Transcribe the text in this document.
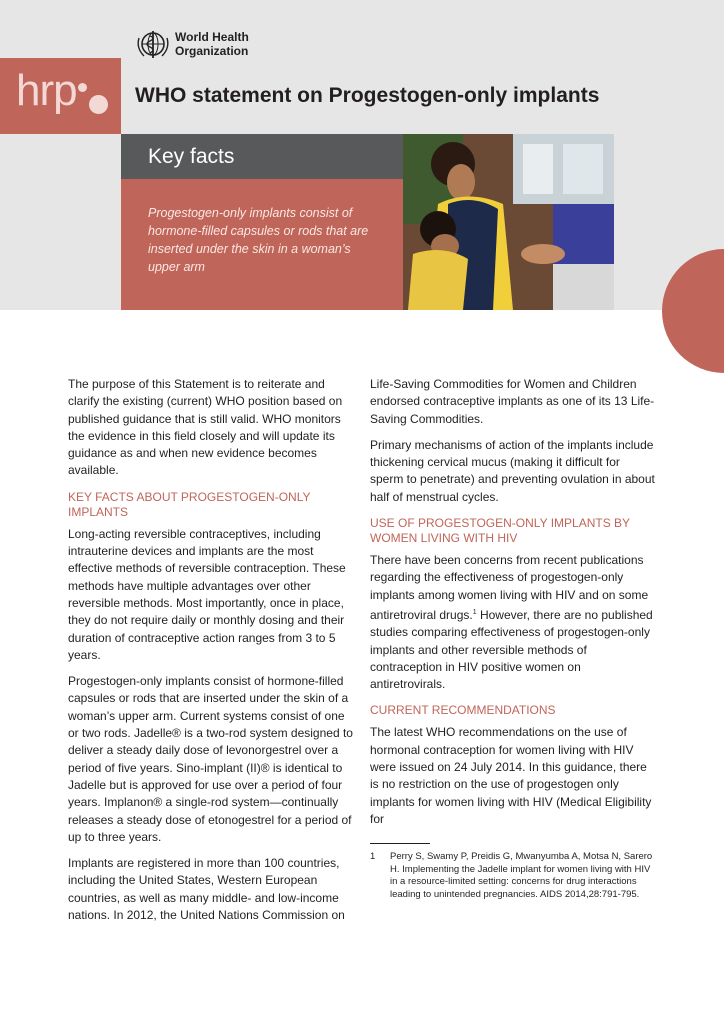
World Health
Organization
hrp	WHO statement on Progestogen-only implants
Key facts
Progestogen-only implants consist of hormone-filled capsules or rods that are inserted under the skin in a woman’s upper arm

The purpose of this Statement is to reiterate and clarify the existing (current) WHO position based on published guidance that is still valid. WHO monitors the evidence in this field closely and will update its guidance as and when new evidence becomes available.

KEY FACTS ABOUT PROGESTOGEN-ONLY IMPLANTS

Long-acting reversible contraceptives, including intrauterine devices and implants are the most effective methods of reversible contraception. These methods have multiple advantages over other reversible methods. Most importantly, once in place, they do not require daily or monthly dosing and their duration of contraceptive action ranges from 3 to 5 years.

Progestogen-only implants consist of hormone-filled capsules or rods that are inserted under the skin of a woman’s upper arm. Current systems consist of one or two rods. Jadelle® is a two-rod system designed to deliver a steady daily dose of levonorgestrel over a period of five years. Sino-implant (II)® is identical to Jadelle but is approved for use over a period of four years. Implanon® a single-rod system—continually releases a steady dose of etonogestrel for a period of up to three years.

Implants are registered in more than 100 countries, including the United States, Western European countries, as well as many middle- and low-income nations. In 2012, the United Nations Commission on

Life-Saving Commodities for Women and Children endorsed contraceptive implants as one of its 13 Life-Saving Commodities.

Primary mechanisms of action of the implants include thickening cervical mucus (making it difficult for sperm to penetrate) and preventing ovulation in about half of menstrual cycles.

USE OF PROGESTOGEN-ONLY IMPLANTS BY WOMEN LIVING WITH HIV

There have been concerns from recent publications regarding the effectiveness of progestogen-only implants among women living with HIV and on some antiretroviral drugs.$^1$ However, there are no published studies comparing effectiveness of progestogen-only implants and other reversible methods of contraception in HIV positive women on antiretrovirals.

CURRENT RECOMMENDATIONS

The latest WHO recommendations on the use of hormonal contraception for women living with HIV were issued on 24 July 2014. In this guidance, there is no restriction on the use of progestogen only implants for women living with HIV (Medical Eligibility for

1	Perry S, Swamy P, Preidis G, Mwanyumba A, Motsa N, Sarero H. Implementing the Jadelle implant for women living with HIV in a resource-limited setting: concerns for drug interactions leading to unintended pregnancies. AIDS 2014,28:791-795.
